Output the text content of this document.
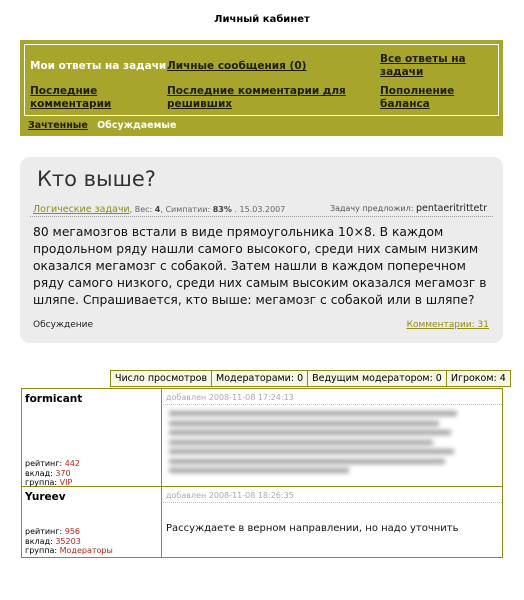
Личный кабинет
Мои ответы на задачи Личные сообщения (0)
Все ответы на задачи
Последние комментарии
Последние комментарии для решивших
Пополнение баланса
Зачтенные Обсуждаемые
Кто выше?
Логические задачи, Вес: 4, Симпатии: 83% . 15.03.2007	Задачу предложил: pentaeritrittetr
80 мегамозгов встали в виде прямоугольника 10×8. В каждом продольном ряду нашли самого высокого, среди них самым низким оказался мегамозг с собакой. Затем нашли в каждом поперечном ряду самого низкого, среди них самым высоким оказался мегамозг в шляпе. Спрашивается, кто выше: мегамозг с собакой или в шляпе?
Обсуждение	Комментарии: 31
Число просмотров Модераторами: 0 Ведущим модератором: 0 Игроком: 4
formicant
рейтинг: 442
вклад: 370
группа: VIP
добавлен 2008-11-08 17:24:13
Yureev
рейтинг: 956
вклад: 35203
группа: Модераторы
добавлен 2008-11-08 18:26:35
Рассуждаете в верном направлении, но надо уточнить
